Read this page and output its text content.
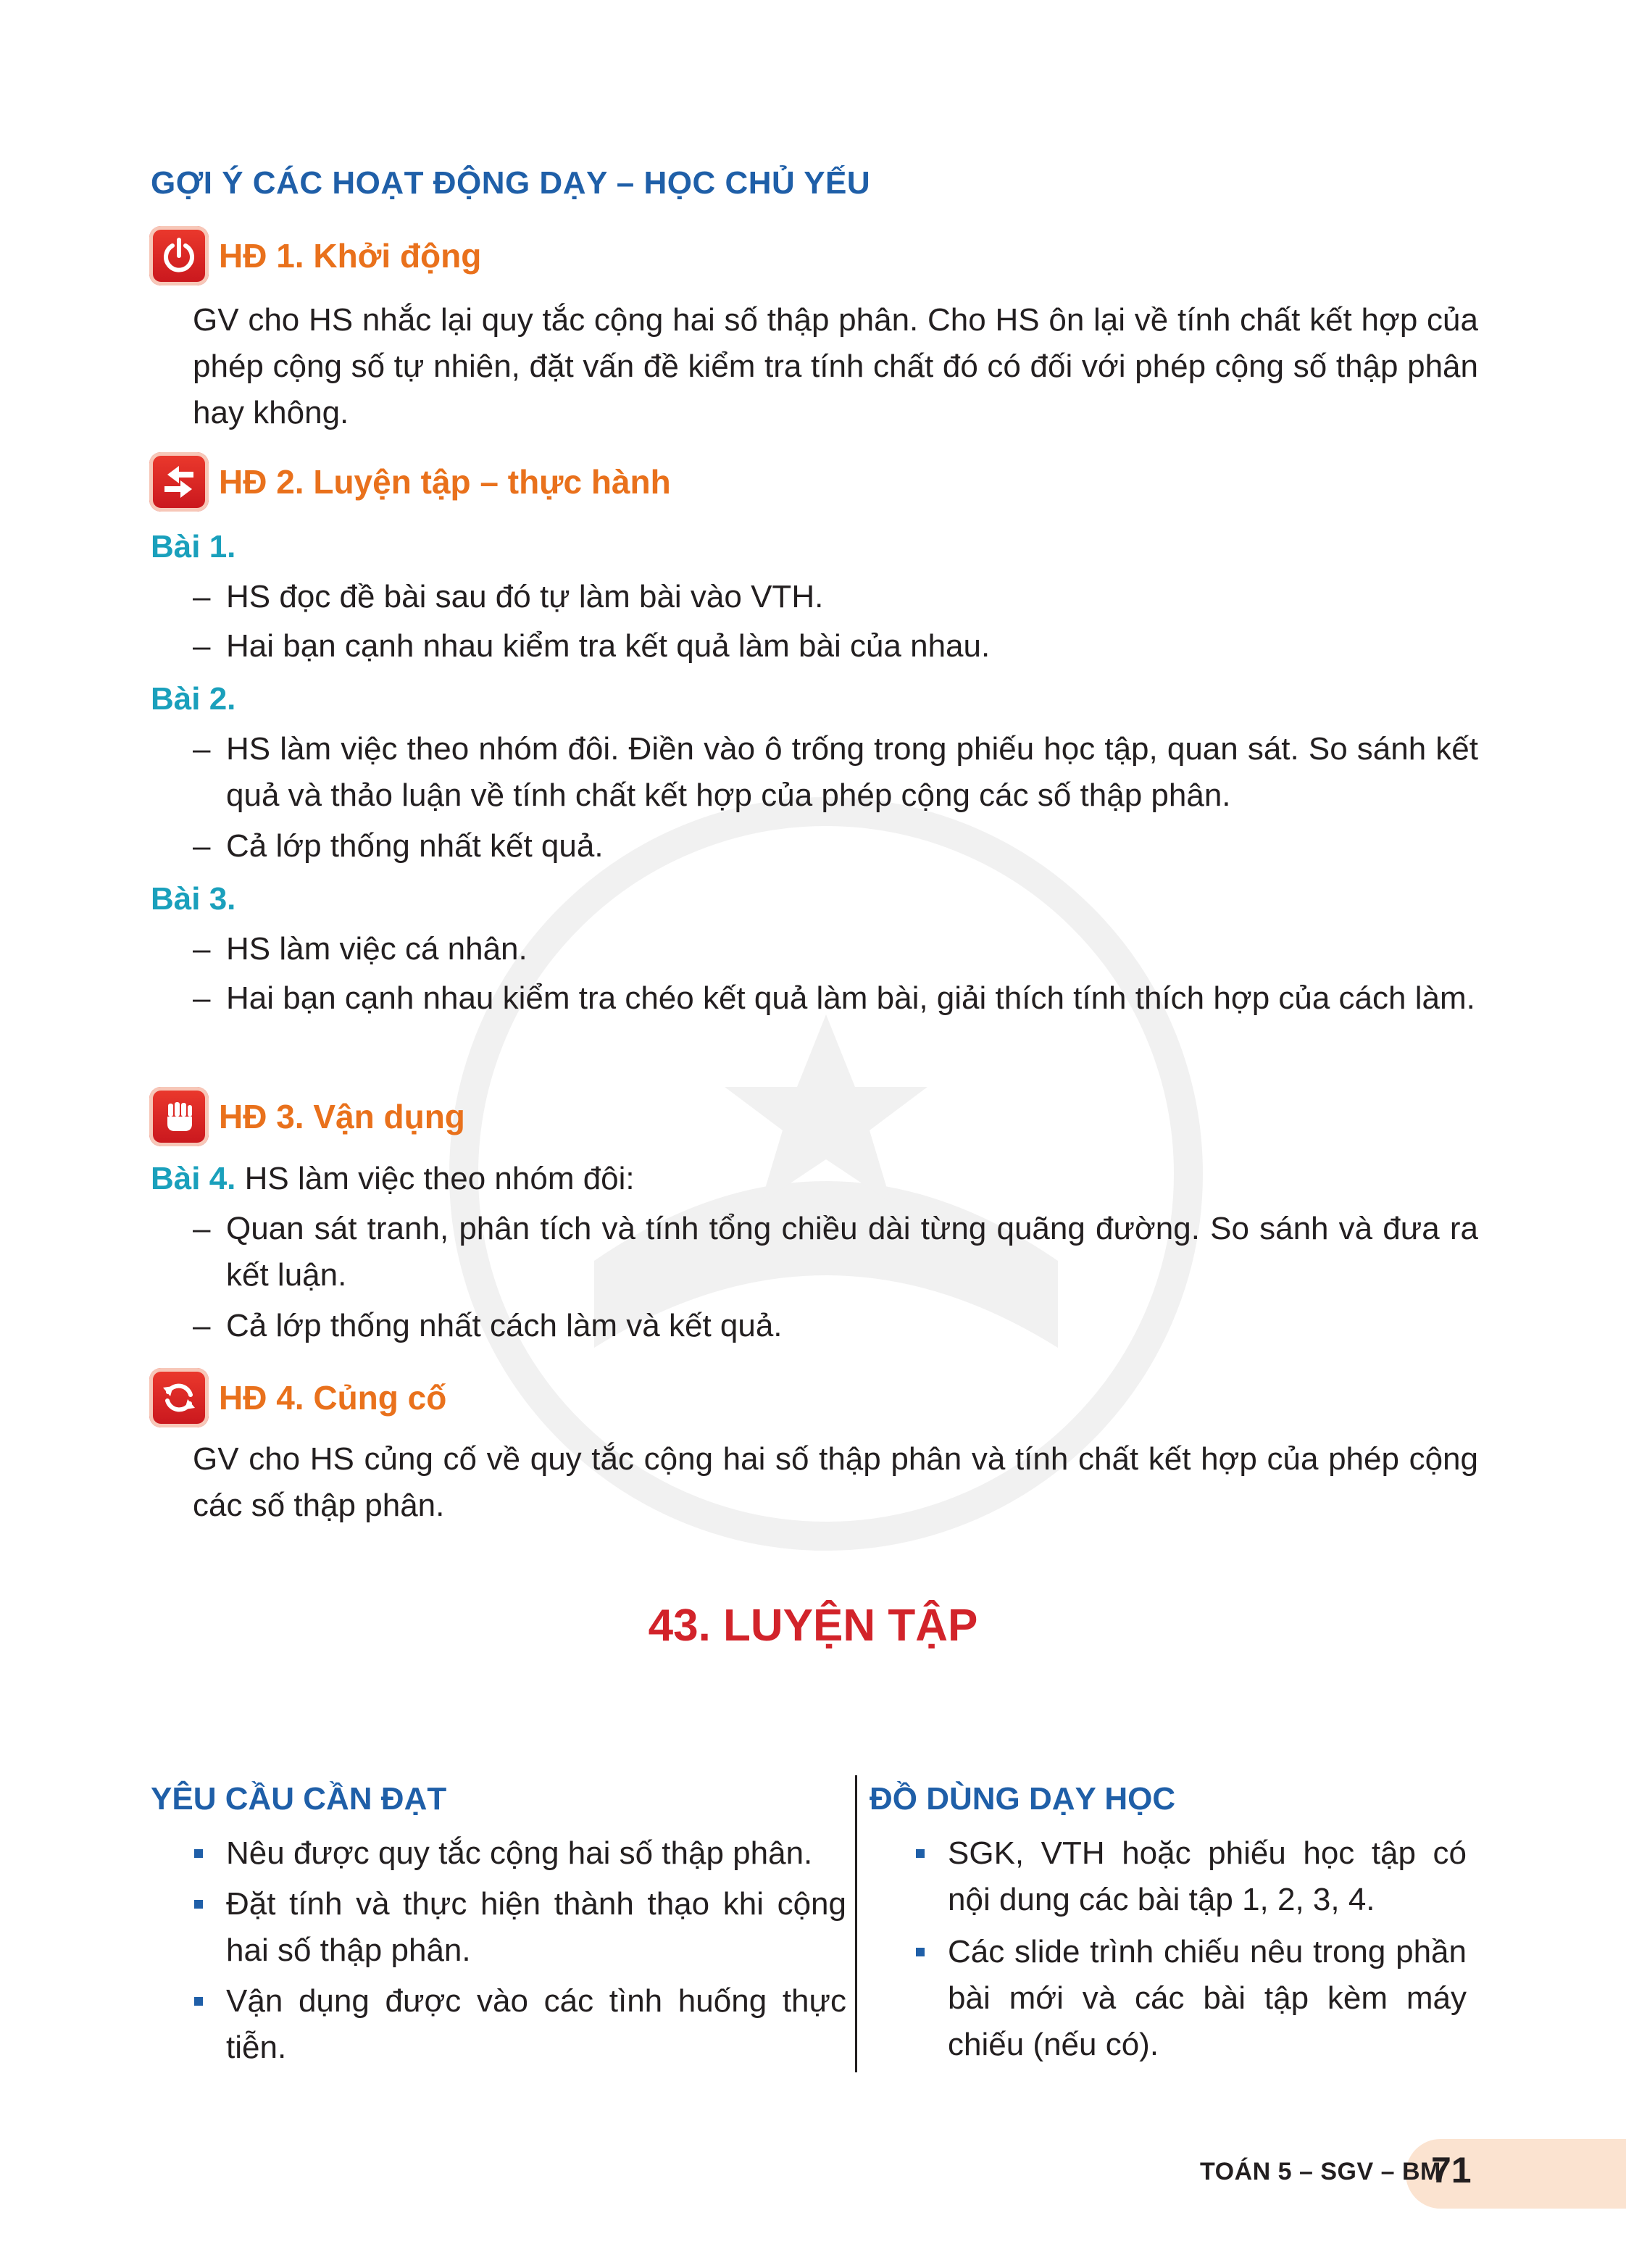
GỢI Ý CÁC HOẠT ĐỘNG DẠY – HỌC CHỦ YẾU
HĐ 1. Khởi động
GV cho HS nhắc lại quy tắc cộng hai số thập phân. Cho HS ôn lại về tính chất kết hợp của phép cộng số tự nhiên, đặt vấn đề kiểm tra tính chất đó có đối với phép cộng số thập phân hay không.
HĐ 2. Luyện tập – thực hành
Bài 1.
– HS đọc đề bài sau đó tự làm bài vào VTH.
– Hai bạn cạnh nhau kiểm tra kết quả làm bài của nhau.
Bài 2.
– HS làm việc theo nhóm đôi. Điền vào ô trống trong phiếu học tập, quan sát. So sánh kết quả và thảo luận về tính chất kết hợp của phép cộng các số thập phân.
– Cả lớp thống nhất kết quả.
Bài 3.
– HS làm việc cá nhân.
– Hai bạn cạnh nhau kiểm tra chéo kết quả làm bài, giải thích tính thích hợp của cách làm.
HĐ 3. Vận dụng
Bài 4. HS làm việc theo nhóm đôi:
– Quan sát tranh, phân tích và tính tổng chiều dài từng quãng đường. So sánh và đưa ra kết luận.
– Cả lớp thống nhất cách làm và kết quả.
HĐ 4. Củng cố
GV cho HS củng cố về quy tắc cộng hai số thập phân và tính chất kết hợp của phép cộng các số thập phân.
43. LUYỆN TẬP
YÊU CẦU CẦN ĐẠT	ĐỒ DÙNG DẠY HỌC
Nêu được quy tắc cộng hai số thập phân.
Đặt tính và thực hiện thành thạo khi cộng hai số thập phân.
Vận dụng được vào các tình huống thực tiễn.
SGK, VTH hoặc phiếu học tập có nội dung các bài tập 1, 2, 3, 4.
Các slide trình chiếu nêu trong phần bài mới và các bài tập kèm máy chiếu (nếu có).
TOÁN 5 – SGV – BM
71
